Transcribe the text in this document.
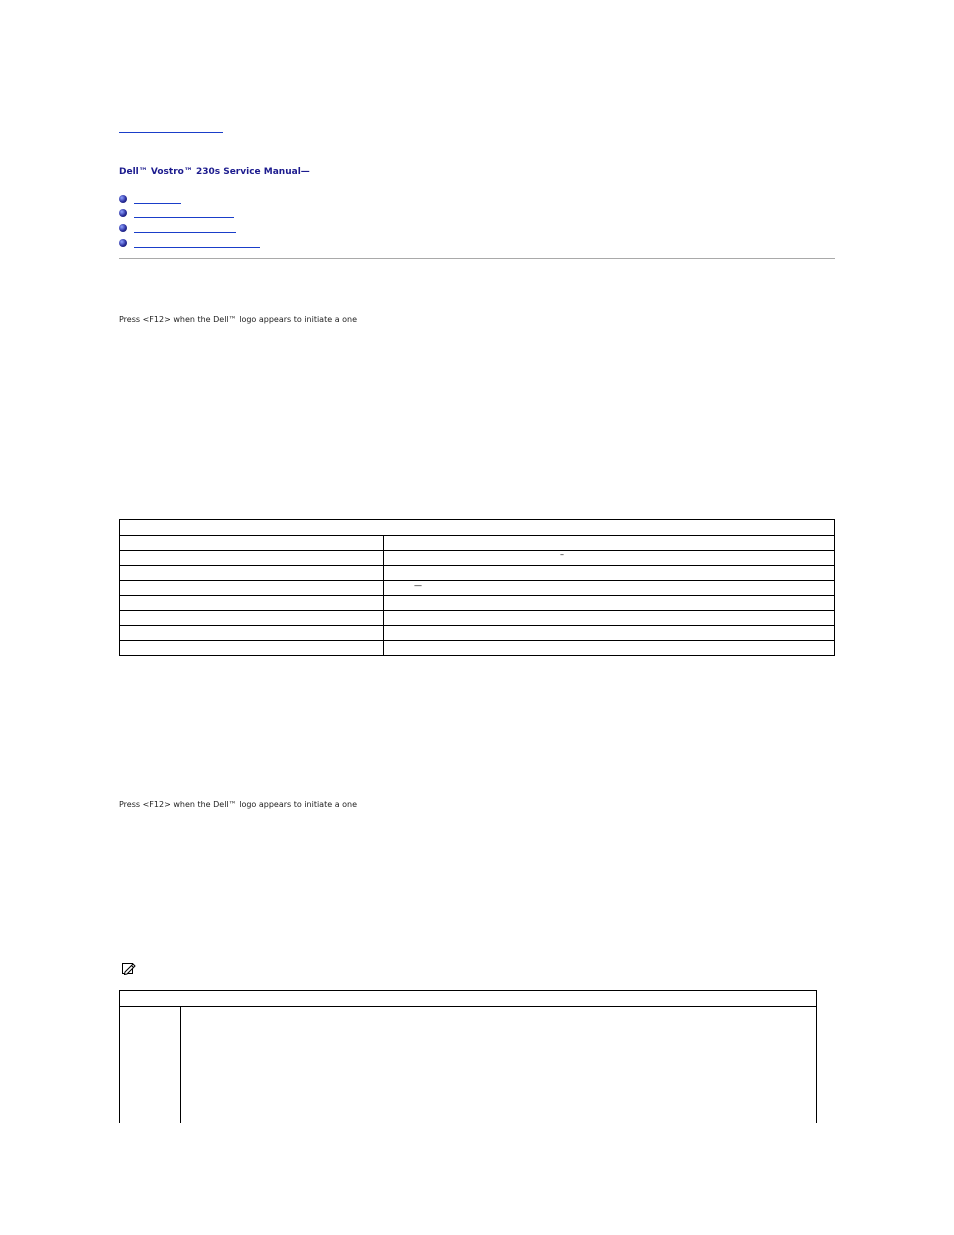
Dell™ Vostro™ 230s Service Manual—
Press <F12> when the Dell™ logo appears to initiate a one

	–

	—

Press <F12> when the Dell™ logo appears to initiate a one
